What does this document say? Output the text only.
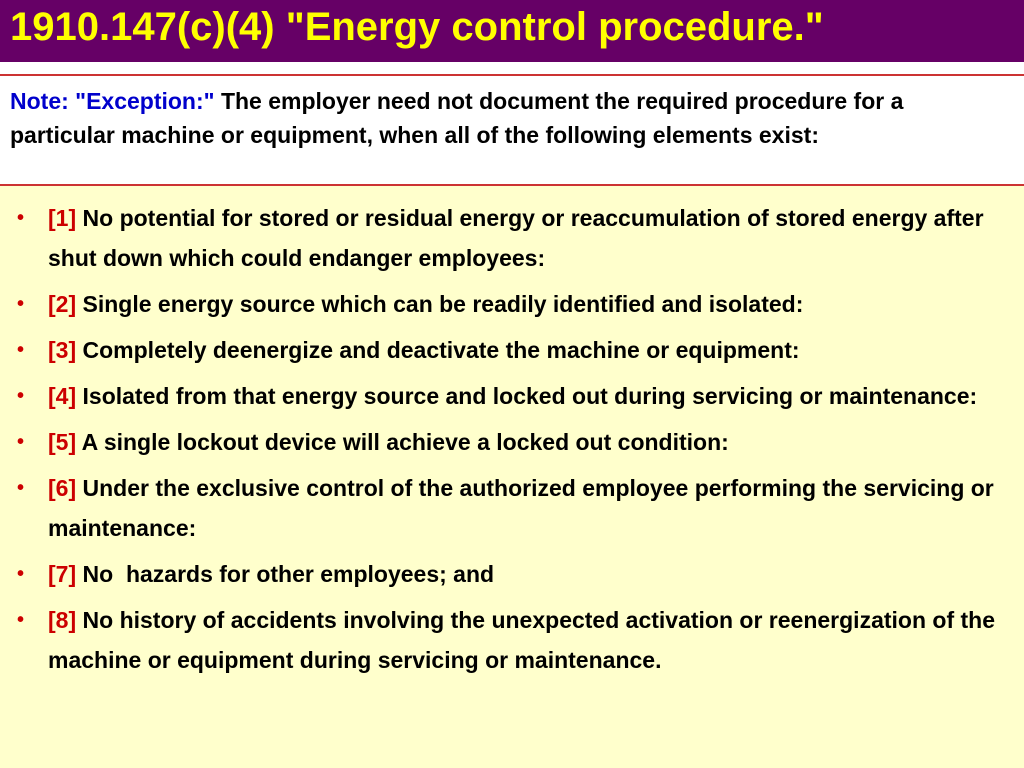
1910.147(c)(4) "Energy control procedure."
Note: "Exception:" The employer need not document the required procedure for a particular machine or equipment, when all of the following elements exist:
• [1] No potential for stored or residual energy or reaccumulation of stored energy after shut down which could endanger employees:
• [2] Single energy source which can be readily identified and isolated:
• [3] Completely deenergize and deactivate the machine or equipment:
• [4] Isolated from that energy source and locked out during servicing or maintenance:
• [5] A single lockout device will achieve a locked out condition:
• [6] Under the exclusive control of the authorized employee performing the servicing or maintenance:
• [7] No  hazards for other employees; and
• [8] No history of accidents involving the unexpected activation or reenergization of the machine or equipment during servicing or maintenance.
